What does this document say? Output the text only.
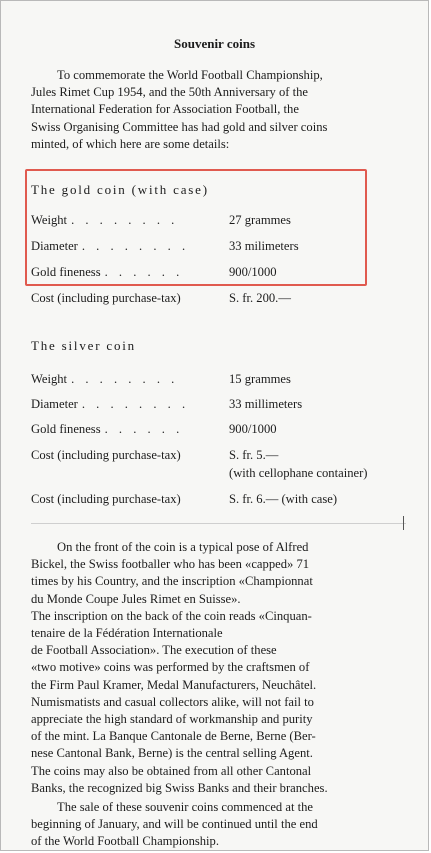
Souvenir coins

To commemorate the World Football Championship,
Jules Rimet Cup 1954, and the 50th Anniversary of the
International Federation for Association Football, the
Swiss Organising Committee has had gold and silver coins
minted, of which here are some details:

The gold coin (with case)
Weight . . . . . . . .	27 grammes
Diameter . . . . . . . .	33 milimeters
Gold fineness . . . . . .	900/1000
Cost (including purchase-tax)	S. fr. 200.—
The silver coin
Weight . . . . . . . .	15 grammes
Diameter . . . . . . . .	33 millimeters
Gold fineness . . . . . .	900/1000
Cost (including purchase-tax)	S. fr. 5.—
(with cellophane container)
Cost (including purchase-tax)	S. fr. 6.— (with case)

On the front of the coin is a typical pose of Alfred
Bickel, the Swiss footballer who has been «capped» 71
times by his Country, and the inscription «Championnat
du Monde Coupe Jules Rimet en Suisse».
The inscription on the back of the coin reads «Cinquan-
tenaire de la Fédération Internationale
de Football Association». The execution of these
«two motive» coins was performed by the craftsmen of
the Firm Paul Kramer, Medal Manufacturers, Neuchâtel.
Numismatists and casual collectors alike, will not fail to
appreciate the high standard of workmanship and purity
of the mint. La Banque Cantonale de Berne, Berne (Ber-
nese Cantonal Bank, Berne) is the central selling Agent.
The coins may also be obtained from all other Cantonal
Banks, the recognized big Swiss Banks and their branches.

The sale of these souvenir coins commenced at the
beginning of January, and will be continued until the end
of the World Football Championship.
